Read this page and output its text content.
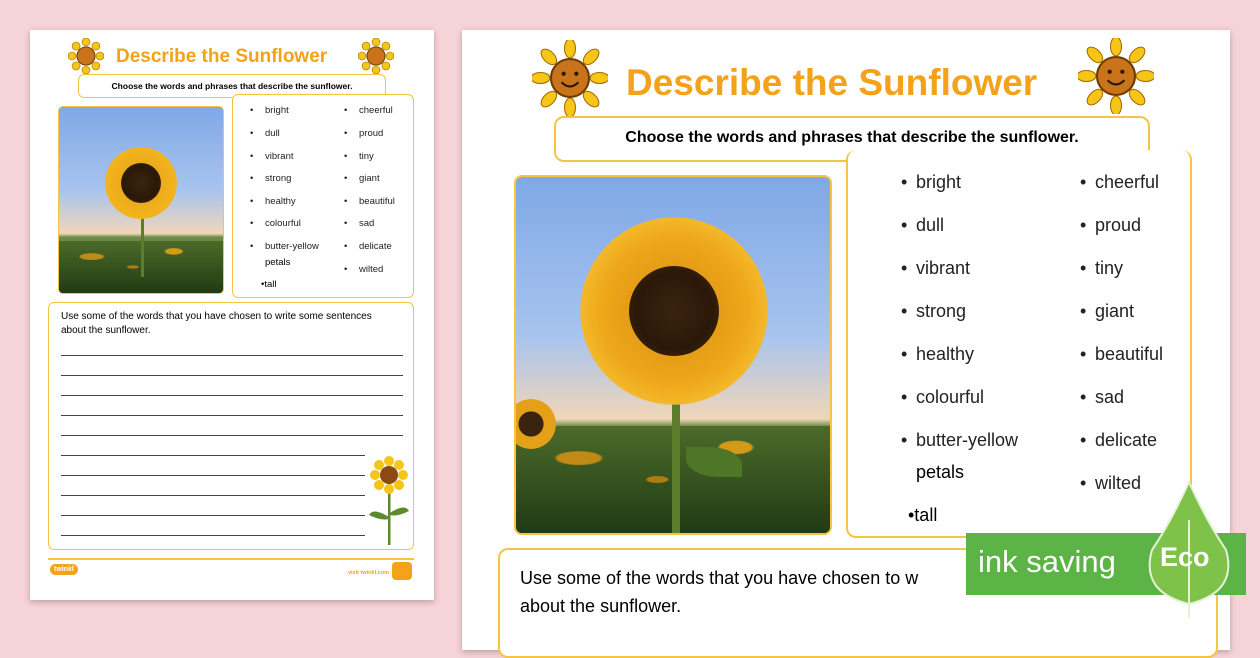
Describe the Sunflower
Choose the words and phrases that describe the sunflower.
• bright
• dull
• vibrant
• strong
• healthy
• colourful
• butter-yellow
petals
•tall
• cheerful
• proud
• tiny
• giant
• beautiful
• sad
• delicate
• wilted
Use some of the words that you have chosen to write some sentences
about the sunflower.
twinkl	visit twinkl.com
Describe the Sunflower
Choose the words and phrases that describe the sunflower.
• bright
• dull
• vibrant
• strong
• healthy
• colourful
• butter-yellow
petals
•tall
• cheerful
• proud
• tiny
• giant
• beautiful
• sad
• delicate
• wilted
Use some of the words that you have chosen to w
about the sunflower.
ink saving Eco
